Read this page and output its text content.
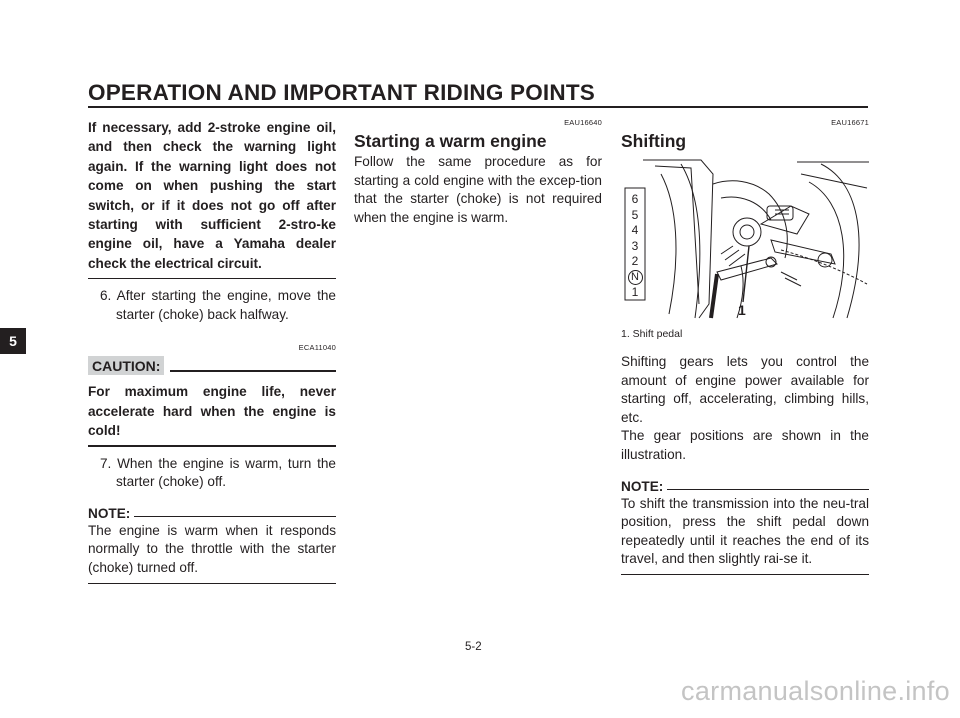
OPERATION AND IMPORTANT RIDING POINTS
5
If necessary, add 2-stroke engine oil, and then check the warning light again. If the warning light does not come on when pushing the start switch, or if it does not go off after starting with sufficient 2-stro-ke engine oil, have a Yamaha dealer check the electrical circuit.
6. After starting the engine, move the starter (choke) back halfway.
ECA11040
CAUTION:
For maximum engine life, never accelerate hard when the engine is cold!
7. When the engine is warm, turn the starter (choke) off.
NOTE:
The engine is warm when it responds normally to the throttle with the starter (choke) turned off.
EAU16640
Starting a warm engine
Follow the same procedure as for starting a cold engine with the excep-tion that the starter (choke) is not required when the engine is warm.
EAU16671
Shifting
6
5
4
3
2
N
1
1
1. Shift pedal
Shifting gears lets you control the amount of engine power available for starting off, accelerating, climbing hills, etc.
The gear positions are shown in the illustration.
NOTE:
To shift the transmission into the neu-tral position, press the shift pedal down repeatedly until it reaches the end of its travel, and then slightly rai-se it.
5-2
carmanualsonline.info
